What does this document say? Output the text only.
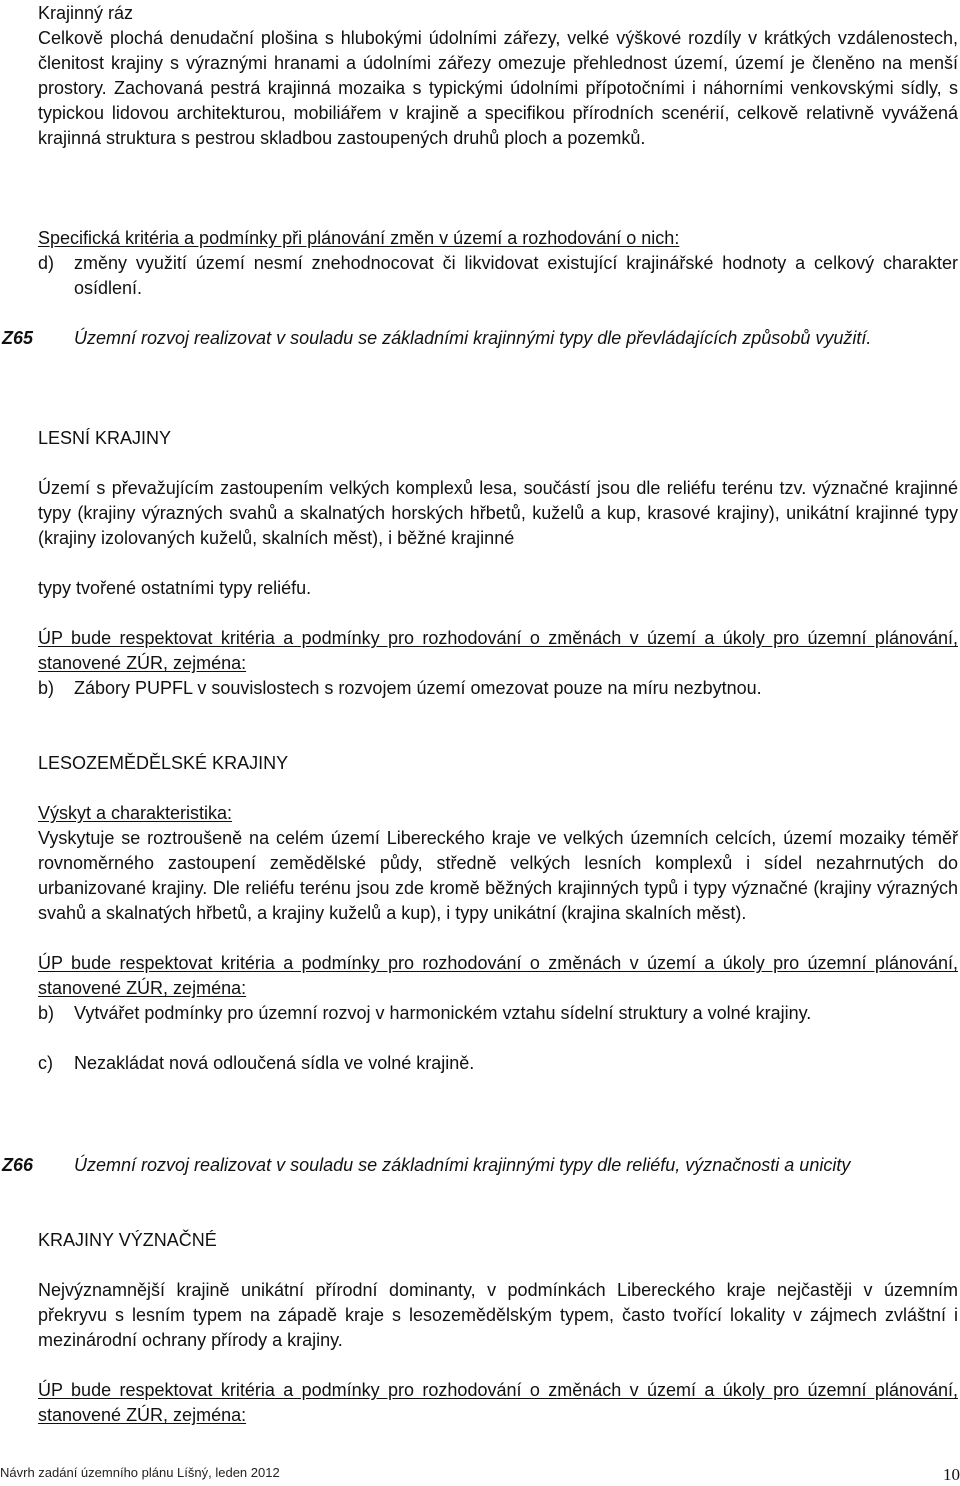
Krajinný ráz
Celkově plochá denudační plošina s hlubokými údolními zářezy, velké výškové rozdíly v krátkých vzdálenostech, členitost krajiny s výraznými hranami a údolními zářezy omezuje přehlednost území, území je členěno na menší prostory. Zachovaná pestrá krajinná mozaika s typickými údolními přípotočními i náhorními venkovskými sídly, s typickou lidovou architekturou, mobiliářem v krajině a specifikou přírodních scenérií, celkově relativně vyvážená krajinná struktura s pestrou skladbou zastoupených druhů ploch a pozemků.
Specifická kritéria a podmínky při plánování změn v území a rozhodování o nich:
d)	změny využití území nesmí znehodnocovat či likvidovat existující krajinářské hodnoty a celkový charakter osídlení.
Z65	Územní rozvoj realizovat v souladu se základními krajinnými typy dle převládajících způsobů využití.
LESNÍ KRAJINY
Území s převažujícím zastoupením velkých komplexů lesa, součástí jsou dle reliéfu terénu tzv. význačné krajinné typy (krajiny výrazných svahů a skalnatých horských hřbetů, kuželů a kup, krasové krajiny), unikátní krajinné typy (krajiny izolovaných kuželů, skalních měst), i běžné krajinné
typy tvořené ostatními typy reliéfu.
ÚP bude respektovat kritéria a podmínky pro rozhodování o změnách v území a úkoly pro územní plánování, stanovené ZÚR, zejména:
b)	Zábory PUPFL v souvislostech s rozvojem území omezovat pouze na míru nezbytnou.
LESOZEMĚDĚLSKÉ KRAJINY
Výskyt a charakteristika:
Vyskytuje se roztroušeně na celém území Libereckého kraje ve velkých územních celcích, území mozaiky téměř rovnoměrného zastoupení zemědělské půdy, středně velkých lesních komplexů i sídel nezahrnutých do urbanizované krajiny. Dle reliéfu terénu jsou zde kromě běžných krajinných typů i typy význačné (krajiny výrazných svahů a skalnatých hřbetů, a krajiny kuželů a kup), i typy unikátní (krajina skalních měst).
ÚP bude respektovat kritéria a podmínky pro rozhodování o změnách v území a úkoly pro územní plánování, stanovené ZÚR, zejména:
b)	Vytvářet podmínky pro územní rozvoj v harmonickém vztahu sídelní struktury a volné krajiny.
c)	Nezakládat nová odloučená sídla ve volné krajině.
Z66	Územní rozvoj realizovat v souladu se základními krajinnými typy dle reliéfu, význačnosti a unicity
KRAJINY VÝZNAČNÉ
Nejvýznamnější krajině unikátní přírodní dominanty, v podmínkách Libereckého kraje nejčastěji v územním překryvu s lesním typem na západě kraje s lesozemědělským typem, často tvořící lokality v zájmech zvláštní i mezinárodní ochrany přírody a krajiny.
ÚP bude respektovat kritéria a podmínky pro rozhodování o změnách v území a úkoly pro územní plánování, stanovené ZÚR, zejména:
Návrh zadání územního plánu Líšný, leden 2012	10
